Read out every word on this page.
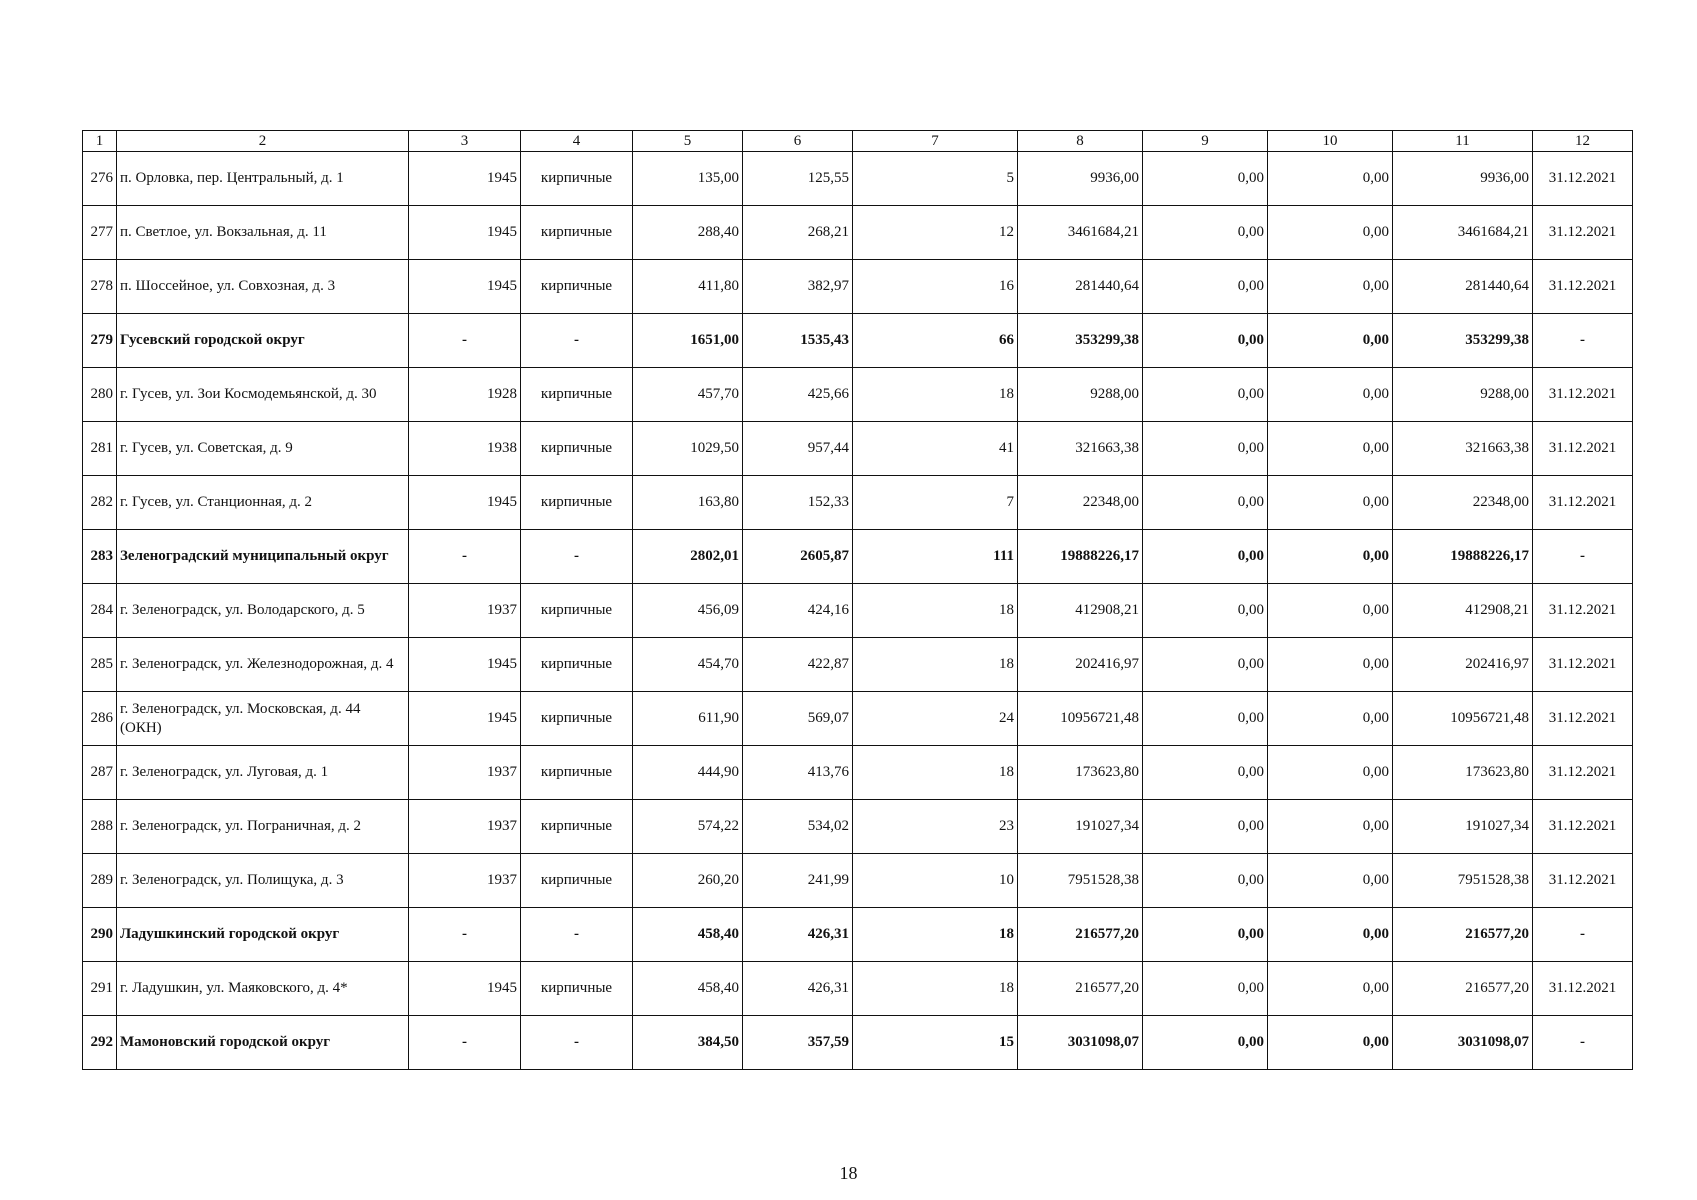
1	2	3	4	5	6	7	8	9	10	11	12
276	п. Орловка, пер. Центральный, д. 1	1945	кирпичные	135,00	125,55	5	9936,00	0,00	0,00	9936,00	31.12.2021
277	п. Светлое, ул. Вокзальная, д. 11	1945	кирпичные	288,40	268,21	12	3461684,21	0,00	0,00	3461684,21	31.12.2021
278	п. Шоссейное, ул. Совхозная, д. 3	1945	кирпичные	411,80	382,97	16	281440,64	0,00	0,00	281440,64	31.12.2021
279	Гусевский городской округ	-	-	1651,00	1535,43	66	353299,38	0,00	0,00	353299,38	-
280	г. Гусев, ул. Зои Космодемьянской, д. 30	1928	кирпичные	457,70	425,66	18	9288,00	0,00	0,00	9288,00	31.12.2021
281	г. Гусев, ул. Советская, д. 9	1938	кирпичные	1029,50	957,44	41	321663,38	0,00	0,00	321663,38	31.12.2021
282	г. Гусев, ул. Станционная, д. 2	1945	кирпичные	163,80	152,33	7	22348,00	0,00	0,00	22348,00	31.12.2021
283	Зеленоградский муниципальный округ	-	-	2802,01	2605,87	111	19888226,17	0,00	0,00	19888226,17	-
284	г. Зеленоградск, ул. Володарского, д. 5	1937	кирпичные	456,09	424,16	18	412908,21	0,00	0,00	412908,21	31.12.2021
285	г. Зеленоградск, ул. Железнодорожная, д. 4	1945	кирпичные	454,70	422,87	18	202416,97	0,00	0,00	202416,97	31.12.2021
286	г. Зеленоградск, ул. Московская, д. 44 (ОКН)	1945	кирпичные	611,90	569,07	24	10956721,48	0,00	0,00	10956721,48	31.12.2021
287	г. Зеленоградск, ул. Луговая, д. 1	1937	кирпичные	444,90	413,76	18	173623,80	0,00	0,00	173623,80	31.12.2021
288	г. Зеленоградск, ул. Пограничная, д. 2	1937	кирпичные	574,22	534,02	23	191027,34	0,00	0,00	191027,34	31.12.2021
289	г. Зеленоградск, ул. Полищука, д. 3	1937	кирпичные	260,20	241,99	10	7951528,38	0,00	0,00	7951528,38	31.12.2021
290	Ладушкинский городской округ	-	-	458,40	426,31	18	216577,20	0,00	0,00	216577,20	-
291	г. Ладушкин, ул. Маяковского, д. 4*	1945	кирпичные	458,40	426,31	18	216577,20	0,00	0,00	216577,20	31.12.2021
292	Мамоновский городской округ	-	-	384,50	357,59	15	3031098,07	0,00	0,00	3031098,07	-
18
